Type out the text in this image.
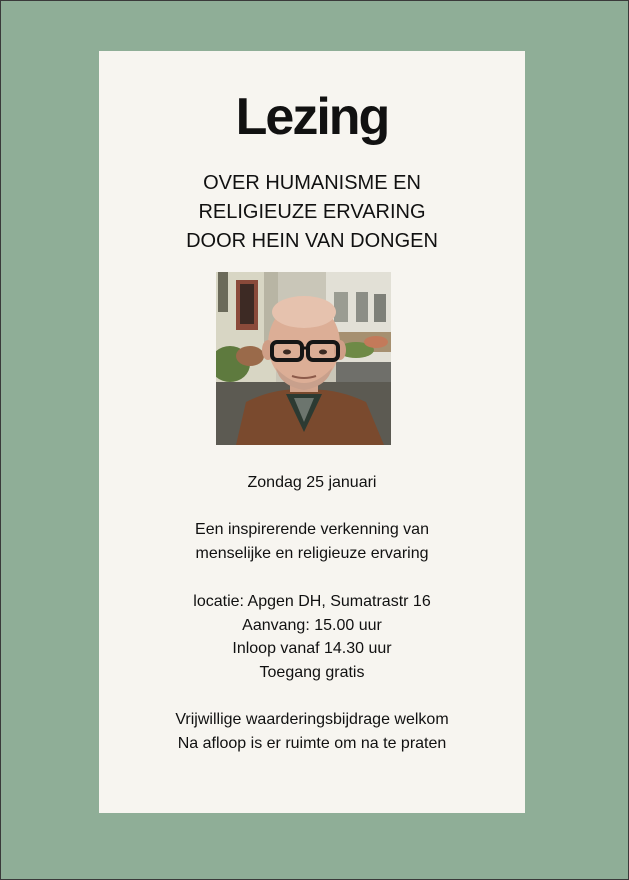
Lezing
OVER HUMANISME EN
RELIGIEUZE ERVARING
DOOR HEIN VAN DONGEN
Zondag 25 januari
Een inspirerende verkenning van
menselijke en religieuze ervaring
locatie: Apgen DH, Sumatrastr 16
Aanvang: 15.00 uur
Inloop vanaf 14.30 uur
Toegang gratis
Vrijwillige waarderingsbijdrage welkom
Na afloop is er ruimte om na te praten
